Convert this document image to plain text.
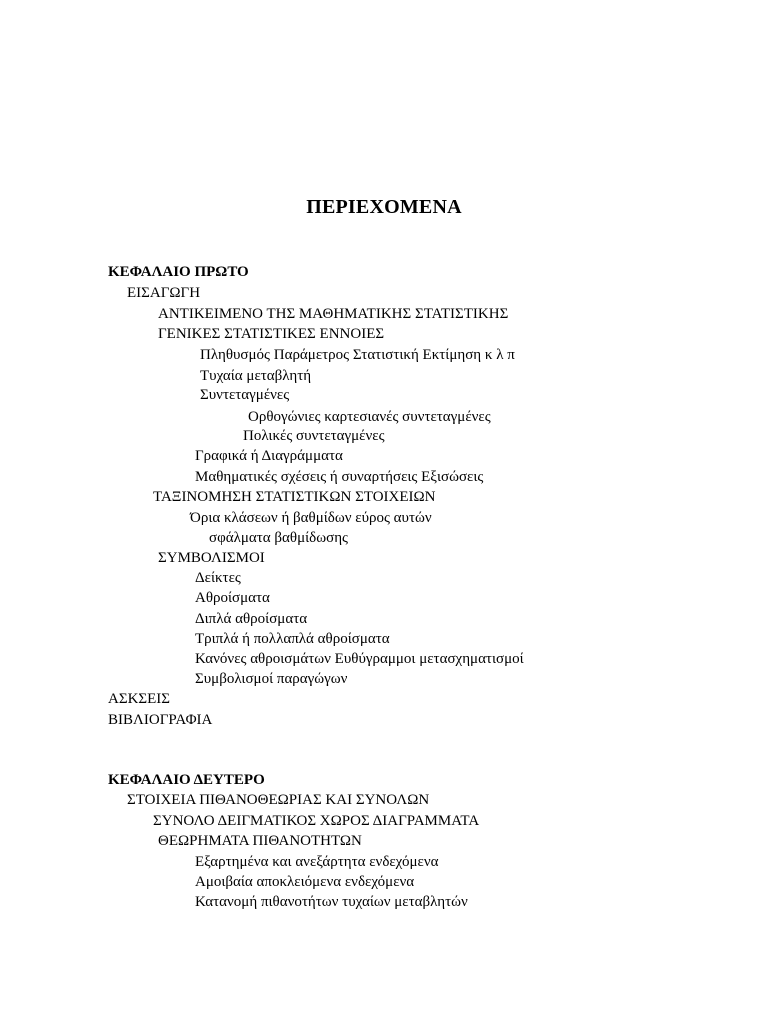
ΠΕΡΙΕΧΟΜΕΝΑ
ΚΕΦΑΛΑΙΟ ΠΡΩΤΟ
ΕΙΣΑΓΩΓΗ
ΑΝΤΙΚΕΙΜΕΝΟ ΤΗΣ ΜΑΘΗΜΑΤΙΚΗΣ ΣΤΑΤΙΣΤΙΚΗΣ
ΓΕΝΙΚΕΣ ΣΤΑΤΙΣΤΙΚΕΣ ΕΝΝΟΙΕΣ
Πληθυσμός Παράμετρος Στατιστική Εκτίμηση κ λ π
Τυχαία μεταβλητή
Συντεταγμένες
Ορθογώνιες καρτεσιανές συντεταγμένες
Πολικές συντεταγμένες
Γραφικά ή Διαγράμματα
Μαθηματικές σχέσεις ή συναρτήσεις Εξισώσεις
ΤΑΞΙΝΟΜΗΣΗ ΣΤΑΤΙΣΤΙΚΩΝ ΣΤΟΙΧΕΙΩΝ
Όρια κλάσεων ή βαθμίδων εύρος αυτών
σφάλματα βαθμίδωσης
ΣΥΜΒΟΛΙΣΜΟΙ
Δείκτες
Αθροίσματα
Διπλά αθροίσματα
Τριπλά ή πολλαπλά αθροίσματα
Κανόνες αθροισμάτων Ευθύγραμμοι μετασχηματισμοί
Συμβολισμοί παραγώγων
ΑΣΚΣΕΙΣ
ΒΙΒΛΙΟΓΡΑΦΙΑ
ΚΕΦΑΛΑΙΟ ΔΕΥΤΕΡΟ
ΣΤΟΙΧΕΙΑ ΠΙΘΑΝΟΘΕΩΡΙΑΣ ΚΑΙ ΣΥΝΟΛΩΝ
ΣΥΝΟΛΟ ΔΕΙΓΜΑΤΙΚΟΣ ΧΩΡΟΣ ΔΙΑΓΡΑΜΜΑΤΑ
ΘΕΩΡΗΜΑΤΑ ΠΙΘΑΝΟΤΗΤΩΝ
Εξαρτημένα και ανεξάρτητα ενδεχόμενα
Αμοιβαία αποκλειόμενα ενδεχόμενα
Κατανομή πιθανοτήτων τυχαίων μεταβλητών
